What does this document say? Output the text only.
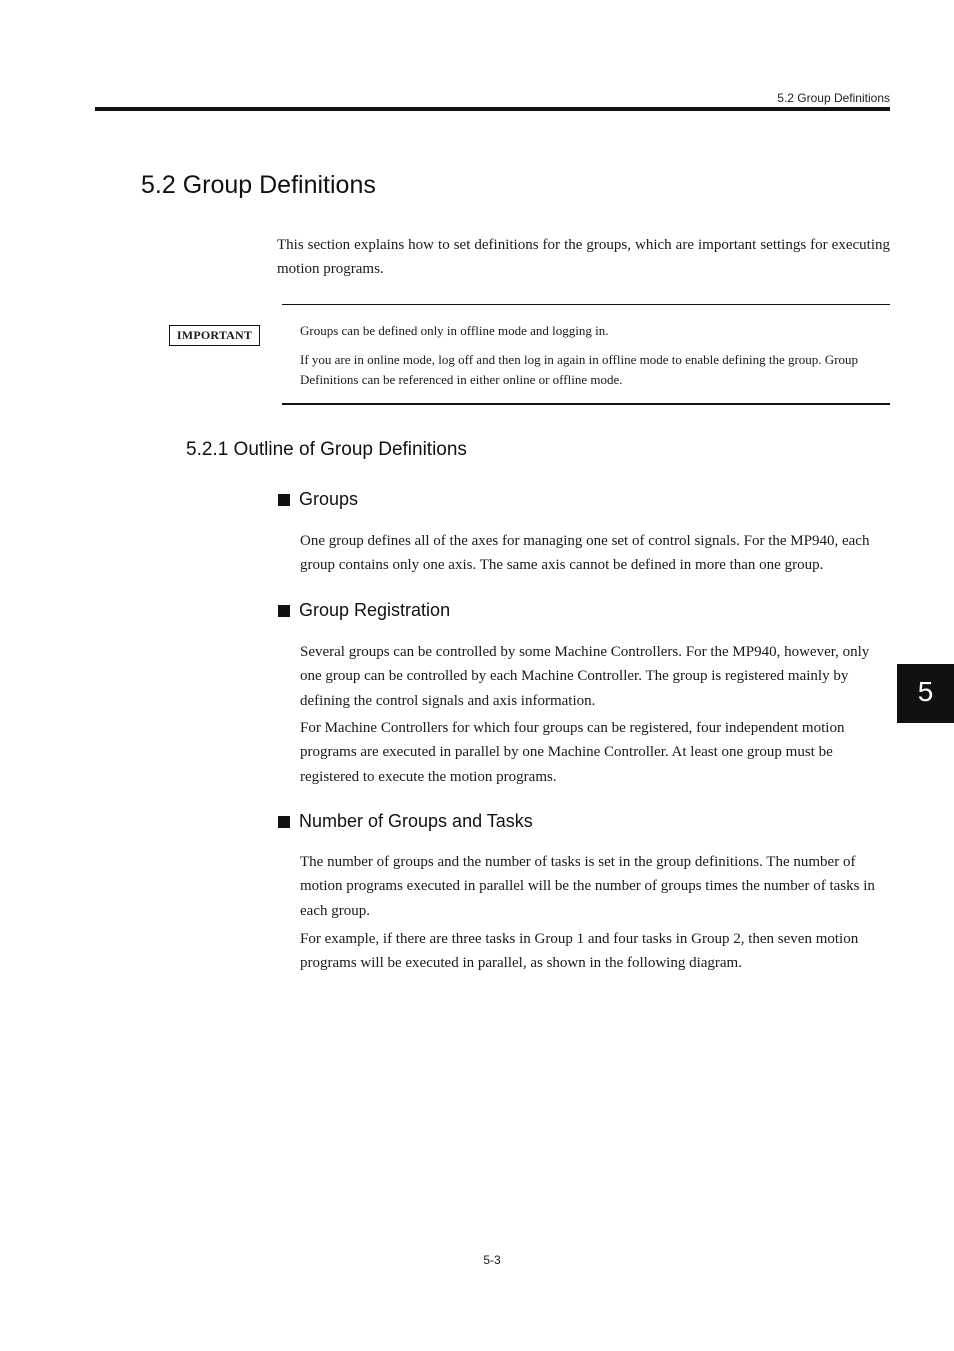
5.2 Group Definitions
5.2 Group Definitions

This section explains how to set definitions for the groups, which are important settings for executing motion programs.

IMPORTANT	Groups can be defined only in offline mode and logging in.

If you are in online mode, log off and then log in again in offline mode to enable defining the group. Group Definitions can be referenced in either online or offline mode.

5.2.1 Outline of Group Definitions
Groups

One group defines all of the axes for managing one set of control signals. For the MP940, each group contains only one axis. The same axis cannot be defined in more than one group.

Group Registration

Several groups can be controlled by some Machine Controllers. For the MP940, however, only one group can be controlled by each Machine Controller. The group is registered mainly by defining the control signals and axis information.

For Machine Controllers for which four groups can be registered, four independent motion programs are executed in parallel by one Machine Controller. At least one group must be registered to execute the motion programs.

Number of Groups and Tasks

The number of groups and the number of tasks is set in the group definitions. The number of motion programs executed in parallel will be the number of groups times the number of tasks in each group.

For example, if there are three tasks in Group 1 and four tasks in Group 2, then seven motion programs will be executed in parallel, as shown in the following diagram.

5
5-3
